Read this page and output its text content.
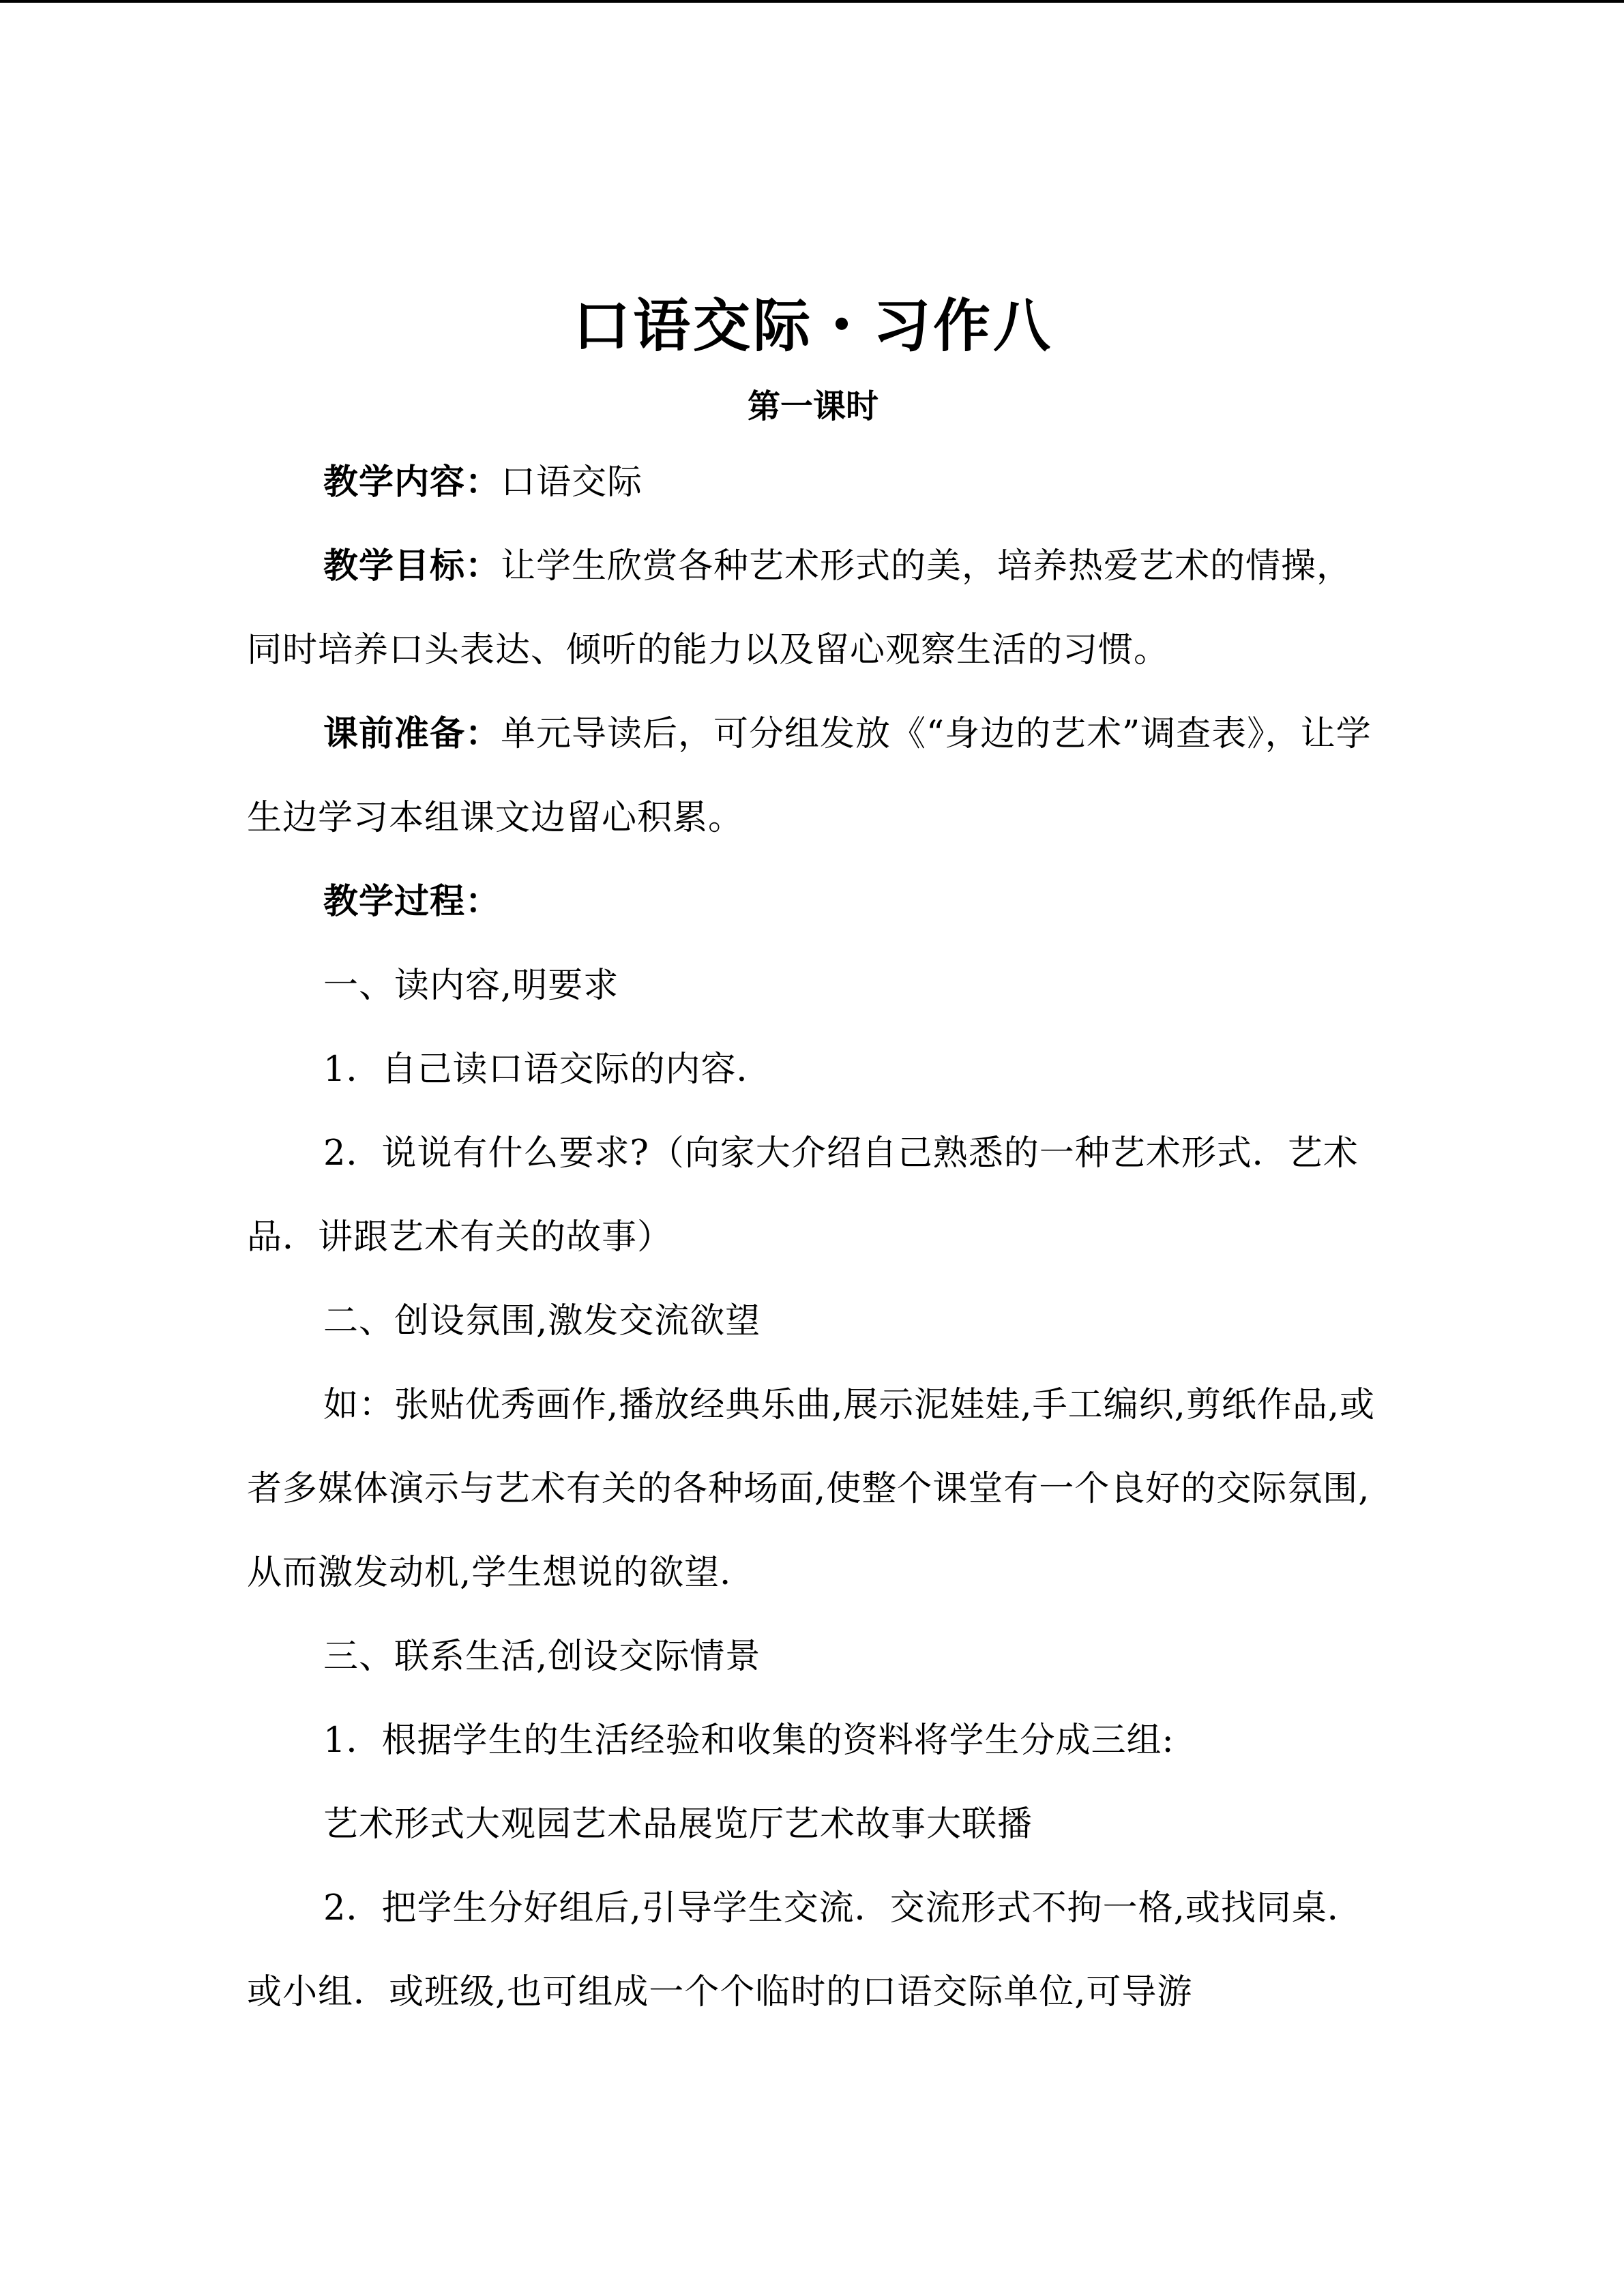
口语交际・习作八
第一课时

教学内容：口语交际

教学目标：让学生欣赏各种艺术形式的美，培养热爱艺术的情操，同时培养口头表达、倾听的能力以及留心观察生活的习惯。

课前准备：单元导读后，可分组发放《“身边的艺术”调查表》，让学生边学习本组课文边留心积累。

教学过程：

一、读内容,明要求

1．自己读口语交际的内容．

2．说说有什么要求?（向家大介绍自己熟悉的一种艺术形式．艺术品．讲跟艺术有关的故事）

二、创设氛围,激发交流欲望

如：张贴优秀画作,播放经典乐曲,展示泥娃娃,手工编织,剪纸作品,或者多媒体演示与艺术有关的各种场面,使整个课堂有一个良好的交际氛围,从而激发动机,学生想说的欲望．

三、联系生活,创设交际情景

1．根据学生的生活经验和收集的资料将学生分成三组:

艺术形式大观园艺术品展览厅艺术故事大联播

2．把学生分好组后,引导学生交流．交流形式不拘一格,或找同桌．或小组．或班级,也可组成一个个临时的口语交际单位,可导游
